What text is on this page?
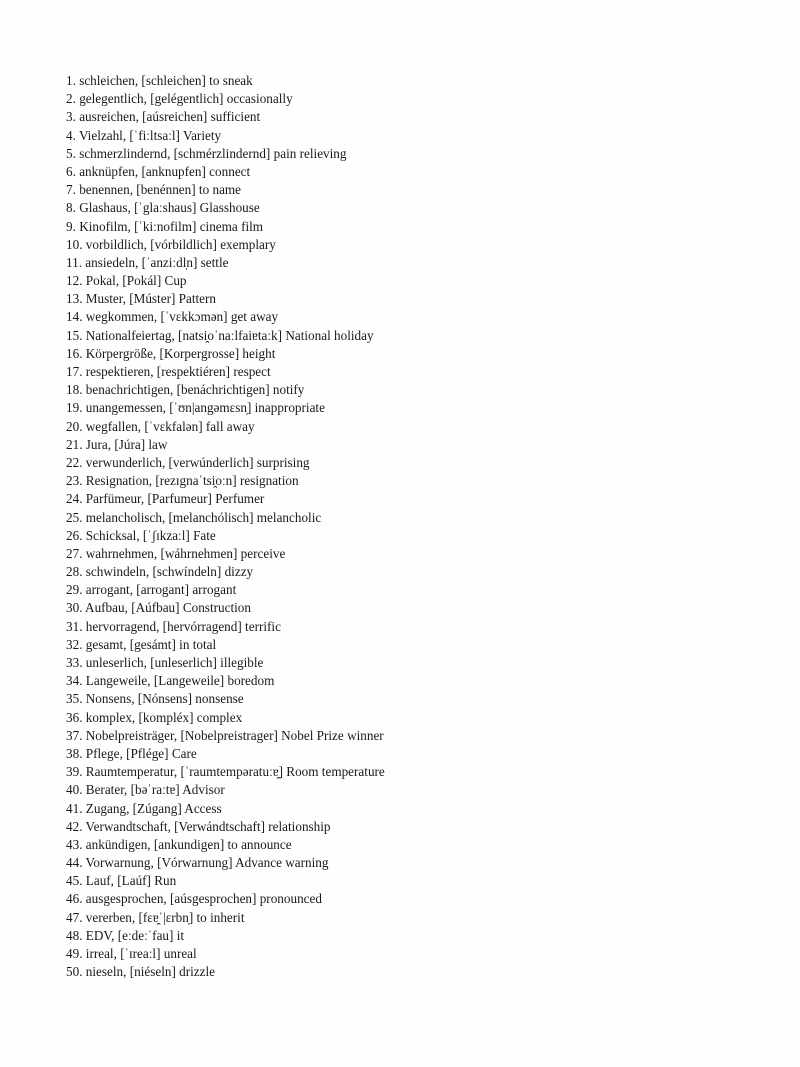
1. schleichen, [schleichen] to sneak
2. gelegentlich, [gelégentlich] occasionally
3. ausreichen, [aúsreichen] sufficient
4. Vielzahl, [ˈfiːltsaːl] Variety
5. schmerzlindernd, [schmérzlindernd] pain relieving
6. anknüpfen, [anknupfen] connect
7. benennen, [benénnen] to name
8. Glashaus, [ˈglaːshaus] Glasshouse
9. Kinofilm, [ˈkiːnofilm] cinema film
10. vorbildlich, [vórbildlich] exemplary
11. ansiedeln, [ˈanziːdl̩n] settle
12. Pokal, [Pokál] Cup
13. Muster, [Múster] Pattern
14. wegkommen, [ˈvɛkkɔmən] get away
15. Nationalfeiertag, [natsi̯oˈnaːlfaiɐtaːk] National holiday
16. Körpergröße, [Korpergrosse] height
17. respektieren, [respektiéren] respect
18. benachrichtigen, [benáchrichtigen] notify
19. unangemessen, [ˈʊn|angəmɛsn̩] inappropriate
20. wegfallen, [ˈvɛkfalən] fall away
21. Jura, [Júra] law
22. verwunderlich, [verwúnderlich] surprising
23. Resignation, [rezɪgnaˈtsi̯oːn] resignation
24. Parfümeur, [Parfumeur] Perfumer
25. melancholisch, [melanchólisch] melancholic
26. Schicksal, [ˈʃɪkzaːl] Fate
27. wahrnehmen, [wáhrnehmen] perceive
28. schwindeln, [schwíndeln] dizzy
29. arrogant, [arrogant] arrogant
30. Aufbau, [Aúfbau] Construction
31. hervorragend, [hervórragend] terrific
32. gesamt, [gesámt] in total
33. unleserlich, [unleserlich] illegible
34. Langeweile, [Langeweile] boredom
35. Nonsens, [Nónsens] nonsense
36. komplex, [kompléx] complex
37. Nobelpreisträger, [Nobelpreistrager] Nobel Prize winner
38. Pflege, [Pflége] Care
39. Raumtemperatur, [ˈraumtempəratuːɐ̯] Room temperature
40. Berater, [bəˈraːtɐ] Advisor
41. Zugang, [Zúgang] Access
42. Verwandtschaft, [Verwándtschaft] relationship
43. ankündigen, [ankundigen] to announce
44. Vorwarnung, [Vórwarnung] Advance warning
45. Lauf, [Laúf] Run
46. ausgesprochen, [aúsgesprochen] pronounced
47. vererben, [fɛɐ̯ˈ|ɛrbn̩] to inherit
48. EDV, [eːdeːˈfau] it
49. irreal, [ˈɪreaːl] unreal
50. nieseln, [niéseln] drizzle
